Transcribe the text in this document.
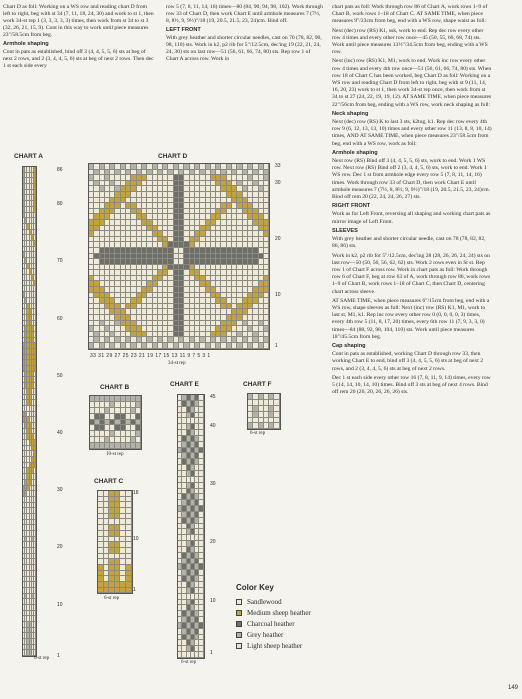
Chart D as foll: Working on a WS row and reading chart D from left to right, beg with st 34 (7, 11, 18, 24, 30) and work to st 1, then work 34-st rep 1 (3, 3, 3, 3, 3) times, then work from st 34 to st 3 (32, 26, 21, 15, 9). Cont in this way to work until piece measures 23"/58.5cm from beg.

Armhole shaping

Cont in pats as established, bind off 3 (4, 4, 5, 5, 6) sts at beg of next 2 rows, and 2 (3, 4, 4, 5, 6) sts at beg of next 2 rows. Then dec 1 st each side every

row 5 (7, 8, 11, 14, 16) times—80 (84, 90, 94, 98, 102). Work through row 33 of Chart D, then work Chart E until armhole measures 7 (7½, 8, 8½, 9, 9½)"/18 (19, 20.5, 21.5, 23, 24)cm. Bind off.

LEFT FRONT

With grey heather and shorter circular needles, cast on 70 (78, 82, 90, 98, 110) sts. Work in k2, p2 rib for 5"/12.5cm, dec'ing 19 (22, 21, 24, 24, 30) sts on last row—51 (56, 61, 66, 74, 80) sts. Rep row 1 of Chart A across row. Work in

chart pats as foll: Work through row 86 of Chart A, work rows 1–9 of Chart B, work rows 1–18 of Chart C. AT SAME TIME, when piece measures 9"/23cm from beg, end with a WS row, shape waist as foll:

Next (dec) row (RS) K1, ssk, work to end. Rep dec row every other row 4 times and every other row once—45 (50, 55, 60, 68, 74) sts. Work until piece measures 13½"/34.5cm from beg, ending with a WS row.

Next (inc) row (RS) K1, M1, work to end. Work inc row every other row 4 times and every 4th row once—51 (56, 61, 66, 74, 80) sts. When row 18 of Chart C has been worked, beg Chart D as foll: Working on a WS row and reading Chart D from left to right, beg with st 9 (11, 14, 16, 20, 23) work to st 1, then work 34-st rep once, then work from st 34 to st 27 (24, 22, 19, 19, 12). AT SAME TIME, when piece measures 22"/56cm from beg, ending with a WS row, work neck shaping as foll:

Neck shaping

Next (dec) row (RS) K to last 3 sts, k2tog, k1. Rep dec row every 4th row 9 (6, 12, 13, 13, 10) times and every other row 11 (13, 8, 8, 10, 14) times, AND AT SAME TIME, when piece measures 23"/58.5cm from beg, end with a WS row, work as foll:

Armhole shaping

Next row (RS) Bind off 3 (4, 4, 5, 5, 6) sts, work to end. Work 1 WS row. Next row (RS) Bind off 2 (3, 4, 4, 5, 6) sts, work to end. Work 1 WS row. Dec 1 st from armhole edge every row 5 (7, 8, 11, 14, 16) times. Work through row 33 of Chart D, then work Chart E until armhole measures 7 (7½, 8, 8½, 9, 9½)"/18 (19, 20.5, 21.5, 23, 24)cm. Bind off rem 20 (22, 24, 24, 26, 27) sts.

RIGHT FRONT

Work as for Left Front, reversing all shaping and working chart pats as mirror image of Left Front.

SLEEVES

With grey heather and shorter circular needle, cast on 78 (78, 82, 82, 86, 86) sts.

Work in k2, p2 rib for 5"/12.5cm, dec'ing 28 (28, 26, 26, 24, 24) sts on last row—50 (50, 56, 56, 62, 62) sts. Work 2 rows even in St st. Rep row 1 of Chart F across row. Work in chart pats as foll: Work through row 6 of Chart F, beg at row 63 of A, work through row 86, work rows 1–9 of Chart B, work rows 1–18 of Chart C, then Chart D, centering chart across sleeve.

AT SAME TIME, when piece measures 6"/15cm from beg, end with a WS row, shape sleeves as foll: Next (inc) row (RS) K1, M1, work to last st, M1, k1. Rep inc row every other row 0 (0, 0, 0, 0, 3) times, every 4th row 5 (11, 8, 17, 20) times, every 6th row 11 (7, 9, 3, 3, 0) times—84 (88, 92, 98, 104, 110) sts. Work until piece measures 18"/45.5cm from beg.

Cap shaping

Cont in pats as established, working Chart D through row 33, then working Chart E to end, bind off 3 (4, 4, 5, 5, 6) sts at beg of next 2 rows, and 2 (3, 4, 4, 5, 6) sts at beg of next 2 rows.

Dec 1 st each side every other row 16 (7, 8, 11, 9, 14) times, every row 5 (14, 14, 10, 14, 10) times. Bind off 3 sts at beg of next 4 rows. Bind off rem 20 (20, 20, 26, 26, 26) sts.

CHART A
6-st rep
86
80
70
60
50
40
30
20
10
1
CHART D
33 31 29 27 25 23 21 19 17 15 13 11 9 7 5 3 1
34-st rep
33
30
20
10
1
CHART B
10-st rep
CHART C
6-st rep
18
10
1
CHART E
6-st rep
45
40
30
20
10
1
CHART F
6-st rep
Color Key
Sandlewood
Medium sheep heather
Charcoal heather
Grey heather
Light sheep heather
149
